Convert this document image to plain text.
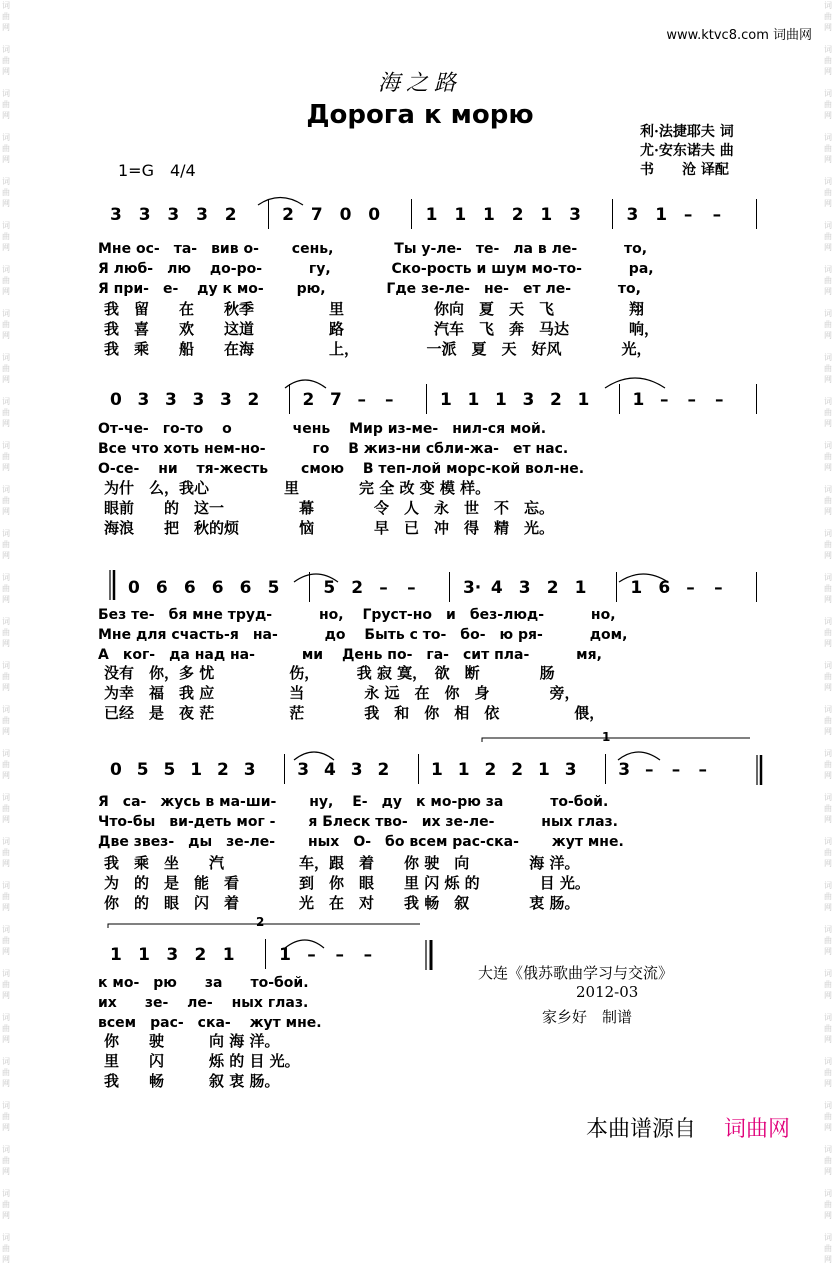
词
曲
网

词
曲
网

词
曲
网

词
曲
网

词
曲
网

词
曲
网

词
曲
网

词
曲
网

词
曲
网

词
曲
网

词
曲
网

词
曲
网

词
曲
网

词
曲
网

词
曲
网

词
曲
网

词
曲
网

词
曲
网

词
曲
网

词
曲
网

词
曲
网

词
曲
网

词
曲
网

词
曲
网

词
曲
网

词
曲
网

词
曲
网

词
曲
网

词
曲
网
词
曲
网

词
曲
网

词
曲
网

词
曲
网

词
曲
网

词
曲
网

词
曲
网

词
曲
网

词
曲
网

词
曲
网

词
曲
网

词
曲
网

词
曲
网

词
曲
网

词
曲
网

词
曲
网

词
曲
网

词
曲
网

词
曲
网

词
曲
网

词
曲
网

词
曲
网

词
曲
网

词
曲
网

词
曲
网

词
曲
网

词
曲
网

词
曲
网

词
曲
网
www.ktvc8.com 词曲网
海之路
Дорога к морю
利·法捷耶夫 词
尤·安东诺夫 曲
书　　沧 译配
1=G　4/4
3 3 3 3 2	2 7 0 0	1 1 1 2 1 3	3 1 – –
Мне ос-　та-　вив о-　　 сень,　　　　 Ты у-ле-　те-　ла в ле-　　　 то,
Я люб-　лю　 до-ро-　　　 гу,　　　　 Ско-рость и шум мо-то-　　　 ра,
Я при-　е-　 ду к мо-　　 рю,　　　　 Где зе-ле-　не-　ет ле-　　　 то,
我　留　　在　　秋季　　　　　里　　　　　　你向　夏　天　飞　　　　　翔
我　喜　　欢　　这道　　　　　路　　　　　　汽车　飞　奔　马达　　　　响，
我　乘　　船　　在海　　　　　上，　　　　　一派　夏　天　好风　　　　光，
0 3 3 3 3 2	2 7 – –	1 1 1 3 2 1	1 – – –
От-че-　го-то　 о　　　　 чень　 Мир из-ме-　нил-ся мой.
Все что хоть нем-но-　　　 го　 В жиз-ни сбли-жа-　ет нас.
О-се-　 ни　 тя-жесть　　 смою　 В теп-лой морс-кой вол-не.
为什　么，我心　　　　　里　　　　完 全 改 变 模 样。
眼前　　的　这一　　　　　幕　　　　令　人　永　世　不　忘。
海浪　　把　秋的烦　　　　恼　　　　早　已　冲　得　精　光。
0 6 6 6 6 5	5 2 – –	3· 4 3 2 1	1 6 – –
Без те-　бя мне труд-　　　 но,　 Груст-но　и　без-люд-　　　 но,
Мне для счасть-я　на-　　　 до　 Быть с то-　бо-　ю ря-　　　 дом,
А　ког-　да над на-　　　 ми　 День по-　га-　сит пла-　　　 мя,
没有　你，多 忧　　　　　伤，　　　我 寂 寞，　欲　断　　　　肠
为幸　福　我 应　　　　　当　　　　永 远　在　你　身　　　　旁，
已经　是　夜 茫　　　　　茫　　　　我　和　你　相　依　　　　　偎，
0 5 5 1 2 3 3 4 3 2 1 1 2 2 1 3 3 – – –
Я　са-　жусь в ма-ши-　　 ну,　 Е-　ду　к мо-рю за　　　 то-бой.
Что-бы　ви-деть мог -　　 я Блеск тво-　их зе-ле-　　　 ных глаз.
Две звез-　ды　зе-ле-　　 ных　О-　бо всем рас-ска-　　 жут мне.
我　乘　坐　　汽　　　　　车，跟　着　　你 驶　向　　　　海 洋。
为　的　是　能　看　　　　到　你　眼　　里 闪 烁 的　　　　目 光。
你　的　眼　闪　着　　　　光　在　对　　我 畅　叙　　　　衷 肠。
1
1 1 3 2 1	1 – – –
к мо-　рю　　за　　то-бой.
их　　зе-　 ле-　 ных глаз.
всем　рас-　ска-　 жут мне.
你　　驶　　　向 海 洋。
里　　闪　　　烁 的 目 光。
我　　畅　　　叙 衷 肠。
2
大连《俄苏歌曲学习与交流》
2012-03
家乡好　制谱
本曲谱源自 词曲网
